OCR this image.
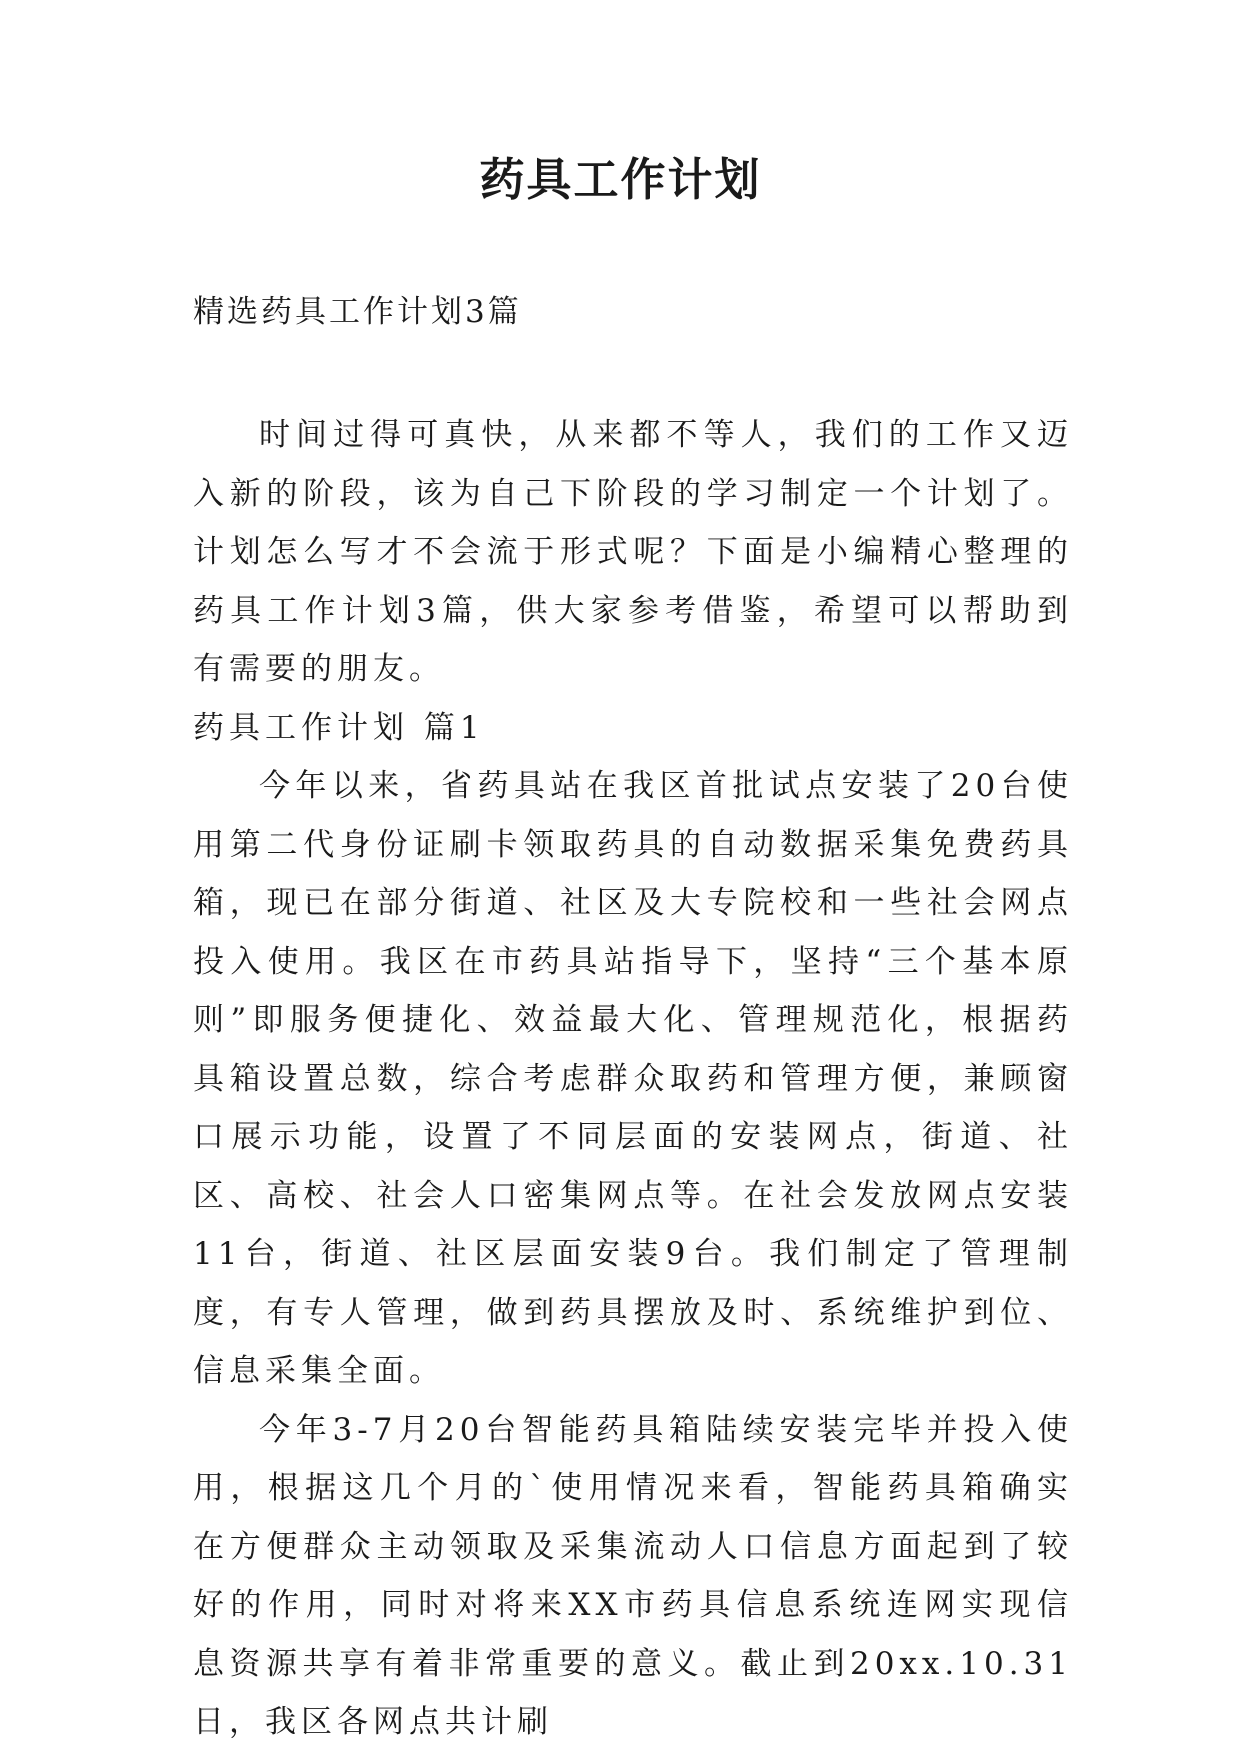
药具工作计划
精选药具工作计划3篇

时间过得可真快，从来都不等人，我们的工作又迈入新的阶段，该为自己下阶段的学习制定一个计划了。计划怎么写才不会流于形式呢？下面是小编精心整理的药具工作计划3篇，供大家参考借鉴，希望可以帮助到有需要的朋友。

药具工作计划 篇1

今年以来，省药具站在我区首批试点安装了20台使用第二代身份证刷卡领取药具的自动数据采集免费药具箱，现已在部分街道、社区及大专院校和一些社会网点投入使用。我区在市药具站指导下，坚持“三个基本原则”即服务便捷化、效益最大化、管理规范化，根据药具箱设置总数，综合考虑群众取药和管理方便，兼顾窗口展示功能，设置了不同层面的安装网点，街道、社区、高校、社会人口密集网点等。在社会发放网点安装11台，街道、社区层面安装9台。我们制定了管理制度，有专人管理，做到药具摆放及时、系统维护到位、信息采集全面。

今年3-7月20台智能药具箱陆续安装完毕并投入使用，根据这几个月的`使用情况来看，智能药具箱确实在方便群众主动领取及采集流动人口信息方面起到了较好的作用，同时对将来XX市药具信息系统连网实现信息资源共享有着非常重要的意义。截止到20xx.10.31日，我区各网点共计刷
